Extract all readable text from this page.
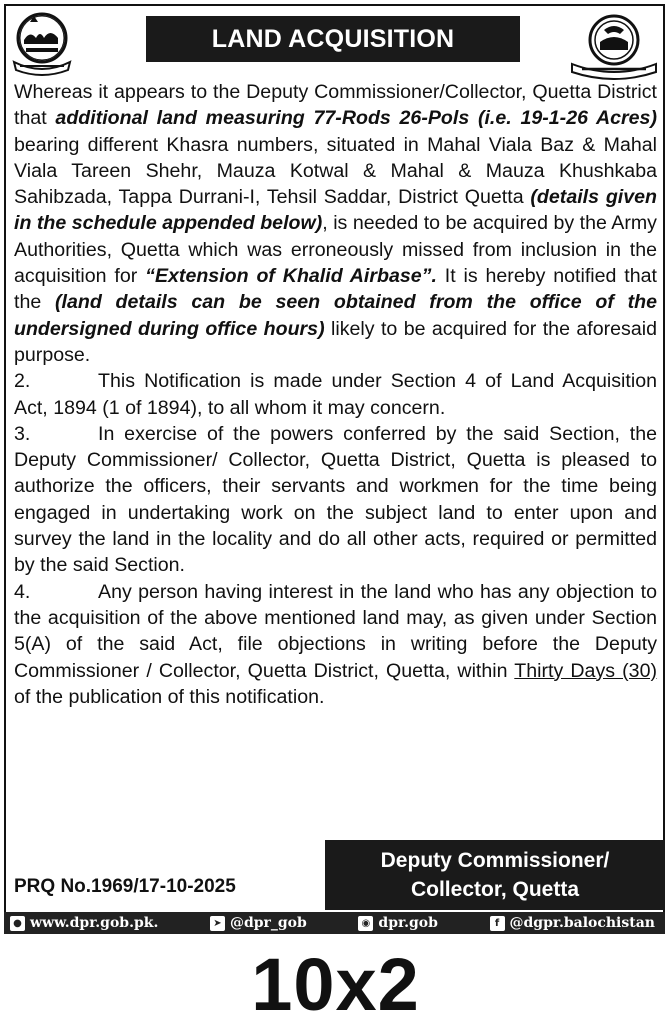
LAND ACQUISITION

Whereas it appears to the Deputy Commissioner/Collector, Quetta District that additional land measuring 77-Rods 26-Pols (i.e. 19-1-26 Acres) bearing different Khasra numbers, situated in Mahal Viala Baz & Mahal Viala Tareen Shehr, Mauza Kotwal & Mahal & Mauza Khushkaba Sahibzada, Tappa Durrani-I, Tehsil Saddar, District Quetta (details given in the schedule appended below), is needed to be acquired by the Army Authorities, Quetta which was erroneously missed from inclusion in the acquisition for “Extension of Khalid Airbase”. It is hereby notified that the (land details can be seen obtained from the office of the undersigned during office hours) likely to be acquired for the aforesaid purpose.

2.	This Notification is made under Section 4 of Land Acquisition Act, 1894 (1 of 1894), to all whom it may concern.

3.	In exercise of the powers conferred by the said Section, the Deputy Commissioner/ Collector, Quetta District, Quetta is pleased to authorize the officers, their servants and workmen for the time being engaged in undertaking work on the subject land to enter upon and survey the land in the locality and do all other acts, required or permitted by the said Section.

4.	Any person having interest in the land who has any objection to the acquisition of the above mentioned land may, as given under Section 5(A) of the said Act, file objections in writing before the Deputy Commissioner / Collector, Quetta District, Quetta, within Thirty Days (30) of the publication of this notification.

PRQ No.1969/17-10-2025
Deputy Commissioner/
Collector, Quetta
● www.dpr.gob.pk.	➤ @dpr_gob	◉ dpr.gob	f @dgpr.balochistan
10x2
